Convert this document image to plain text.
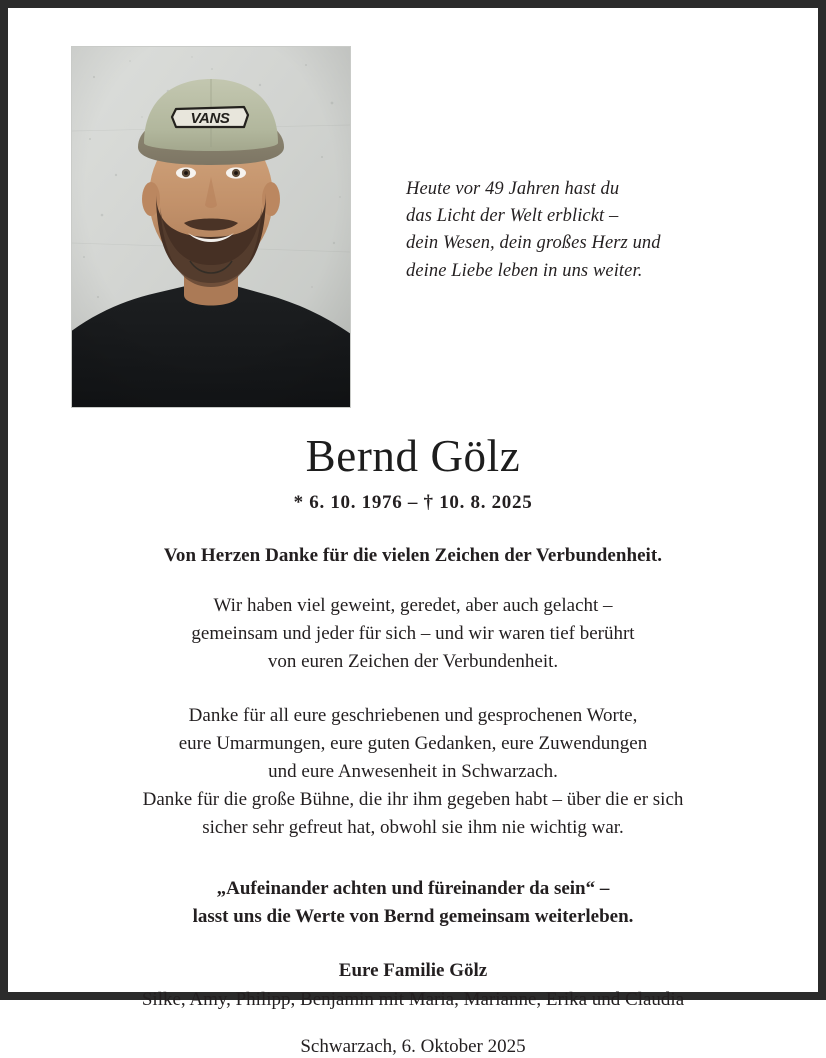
Heute vor 49 Jahren hast du
das Licht der Welt erblickt –
dein Wesen, dein großes Herz und
deine Liebe leben in uns weiter.
Bernd Gölz
* 6. 10. 1976 – † 10. 8. 2025
Von Herzen Danke für die vielen Zeichen der Verbundenheit.
Wir haben viel geweint, geredet, aber auch gelacht –
gemeinsam und jeder für sich – und wir waren tief berührt
von euren Zeichen der Verbundenheit.
Danke für all eure geschriebenen und gesprochenen Worte,
eure Umarmungen, eure guten Gedanken, eure Zuwendungen
und eure Anwesenheit in Schwarzach.
Danke für die große Bühne, die ihr ihm gegeben habt – über die er sich
sicher sehr gefreut hat, obwohl sie ihm nie wichtig war.
„Aufeinander achten und füreinander da sein“ –
lasst uns die Werte von Bernd gemeinsam weiterleben.
Eure Familie Gölz
Silke, Amy, Philipp, Benjamin mit Maria, Marianne, Erika und Claudia
Schwarzach, 6. Oktober 2025
